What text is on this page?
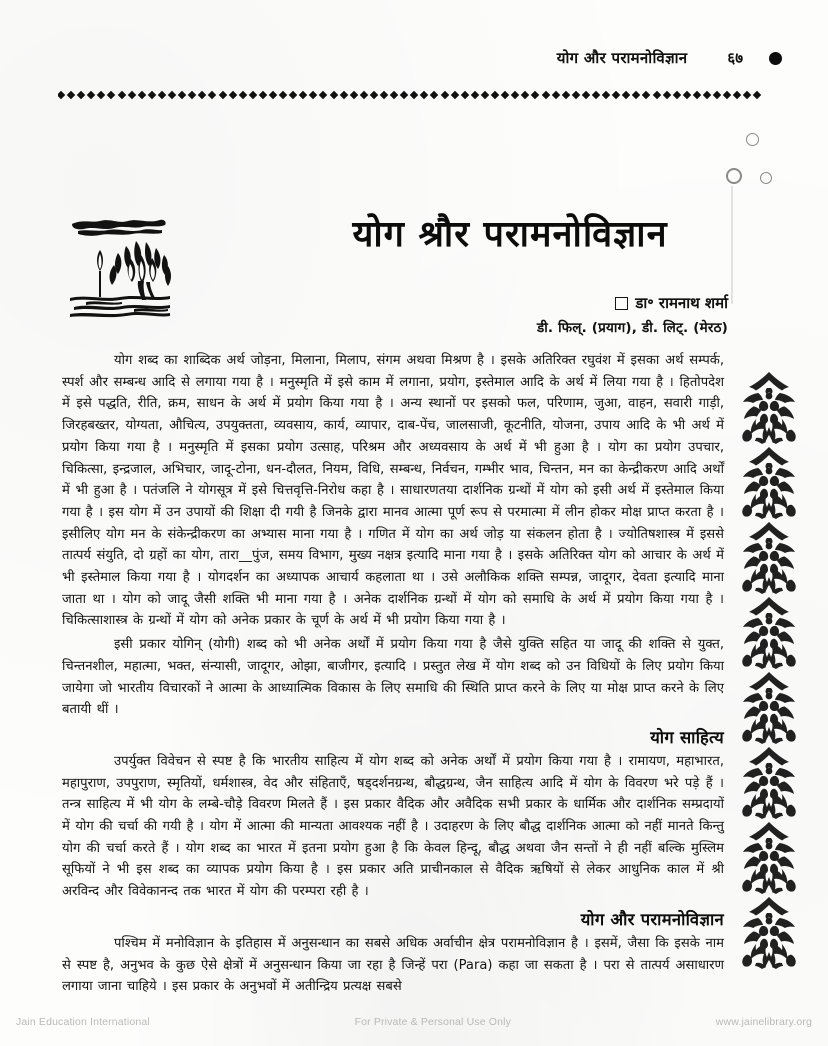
योग और परामनोविज्ञान	६७
योग श्रौर परामनोविज्ञान
डा॰ रामनाथ शर्मा
डी. फिल्. (प्रयाग), डी. लिट्. (मेरठ)

योग शब्द का शाब्दिक अर्थ जोड़ना, मिलाना, मिलाप, संगम अथवा मिश्रण है । इसके अतिरिक्त रघुवंश में इसका अर्थ सम्पर्क, स्पर्श और सम्बन्ध आदि से लगाया गया है । मनुस्मृति में इसे काम में लगाना, प्रयोग, इस्तेमाल आदि के अर्थ में लिया गया है । हितोपदेश में इसे पद्धति, रीति, क्रम, साधन के अर्थ में प्रयोग किया गया है । अन्य स्थानों पर इसको फल, परिणाम, जुआ, वाहन, सवारी गाड़ी, जिरहबख्तर, योग्यता, औचित्य, उपयुक्तता, व्यवसाय, कार्य, व्यापार, दाब-पेंच, जालसाजी, कूटनीति, योजना, उपाय आदि के भी अर्थ में प्रयोग किया गया है । मनुस्मृति में इसका प्रयोग उत्साह, परिश्रम और अध्यवसाय के अर्थ में भी हुआ है । योग का प्रयोग उपचार, चिकित्सा, इन्द्रजाल, अभिचार, जादू-टोना, धन-दौलत, नियम, विधि, सम्बन्ध, निर्वचन, गम्भीर भाव, चिन्तन, मन का केन्द्रीकरण आदि अर्थों में भी हुआ है । पतंजलि ने योगसूत्र में इसे चित्तवृत्ति-निरोध कहा है । साधारणतया दार्शनिक ग्रन्थों में योग को इसी अर्थ में इस्तेमाल किया गया है । इस योग में उन उपायों की शिक्षा दी गयी है जिनके द्वारा मानव आत्मा पूर्ण रूप से परमात्मा में लीन होकर मोक्ष प्राप्त करता है । इसीलिए योग मन के संकेन्द्रीकरण का अभ्यास माना गया है । गणित में योग का अर्थ जोड़ या संकलन होता है । ज्योतिषशास्त्र में इससे तात्पर्य संयुति, दो ग्रहों का योग, तारा__पुंज, समय विभाग, मुख्य नक्षत्र इत्यादि माना गया है । इसके अतिरिक्त योग को आचार के अर्थ में भी इस्तेमाल किया गया है । योगदर्शन का अध्यापक आचार्य कहलाता था । उसे अलौकिक शक्ति सम्पन्न, जादूगर, देवता इत्यादि माना जाता था । योग को जादू जैसी शक्ति भी माना गया है । अनेक दार्शनिक ग्रन्थों में योग को समाधि के अर्थ में प्रयोग किया गया है । चिकित्साशास्त्र के ग्रन्थों में योग को अनेक प्रकार के चूर्ण के अर्थ में भी प्रयोग किया गया है ।

इसी प्रकार योगिन् (योगी) शब्द को भी अनेक अर्थों में प्रयोग किया गया है जैसे युक्ति सहित या जादू की शक्ति से युक्त, चिन्तनशील, महात्मा, भक्त, संन्यासी, जादूगर, ओझा, बाजीगर, इत्यादि । प्रस्तुत लेख में योग शब्द को उन विधियों के लिए प्रयोग किया जायेगा जो भारतीय विचारकों ने आत्मा के आध्यात्मिक विकास के लिए समाधि की स्थिति प्राप्त करने के लिए या मोक्ष प्राप्त करने के लिए बतायी थीं ।

योग साहित्य

उपर्युक्त विवेचन से स्पष्ट है कि भारतीय साहित्य में योग शब्द को अनेक अर्थों में प्रयोग किया गया है । रामायण, महाभारत, महापुराण, उपपुराण, स्मृतियों, धर्मशास्त्र, वेद और संहिताएँ, षड्दर्शनग्रन्थ, बौद्धग्रन्थ, जैन साहित्य आदि में योग के विवरण भरे पड़े हैं । तन्त्र साहित्य में भी योग के लम्बे-चौड़े विवरण मिलते हैं । इस प्रकार वैदिक और अवैदिक सभी प्रकार के धार्मिक और दार्शनिक सम्प्रदायों में योग की चर्चा की गयी है । योग में आत्मा की मान्यता आवश्यक नहीं है । उदाहरण के लिए बौद्ध दार्शनिक आत्मा को नहीं मानते किन्तु योग की चर्चा करते हैं । योग शब्द का भारत में इतना प्रयोग हुआ है कि केवल हिन्दू, बौद्ध अथवा जैन सन्तों ने ही नहीं बल्कि मुस्लिम सूफियों ने भी इस शब्द का व्यापक प्रयोग किया है । इस प्रकार अति प्राचीनकाल से वैदिक ऋषियों से लेकर आधुनिक काल में श्री अरविन्द और विवेकानन्द तक भारत में योग की परम्परा रही है ।

योग और परामनोविज्ञान

पश्चिम में मनोविज्ञान के इतिहास में अनुसन्धान का सबसे अधिक अर्वाचीन क्षेत्र परामनोविज्ञान है । इसमें, जैसा कि इसके नाम से स्पष्ट है, अनुभव के कुछ ऐसे क्षेत्रों में अनुसन्धान किया जा रहा है जिन्हें परा (Para) कहा जा सकता है । परा से तात्पर्य असाधारण लगाया जाना चाहिये । इस प्रकार के अनुभवों में अतीन्द्रिय प्रत्यक्ष सबसे

Jain Education International	For Private & Personal Use Only	www.jainelibrary.org
